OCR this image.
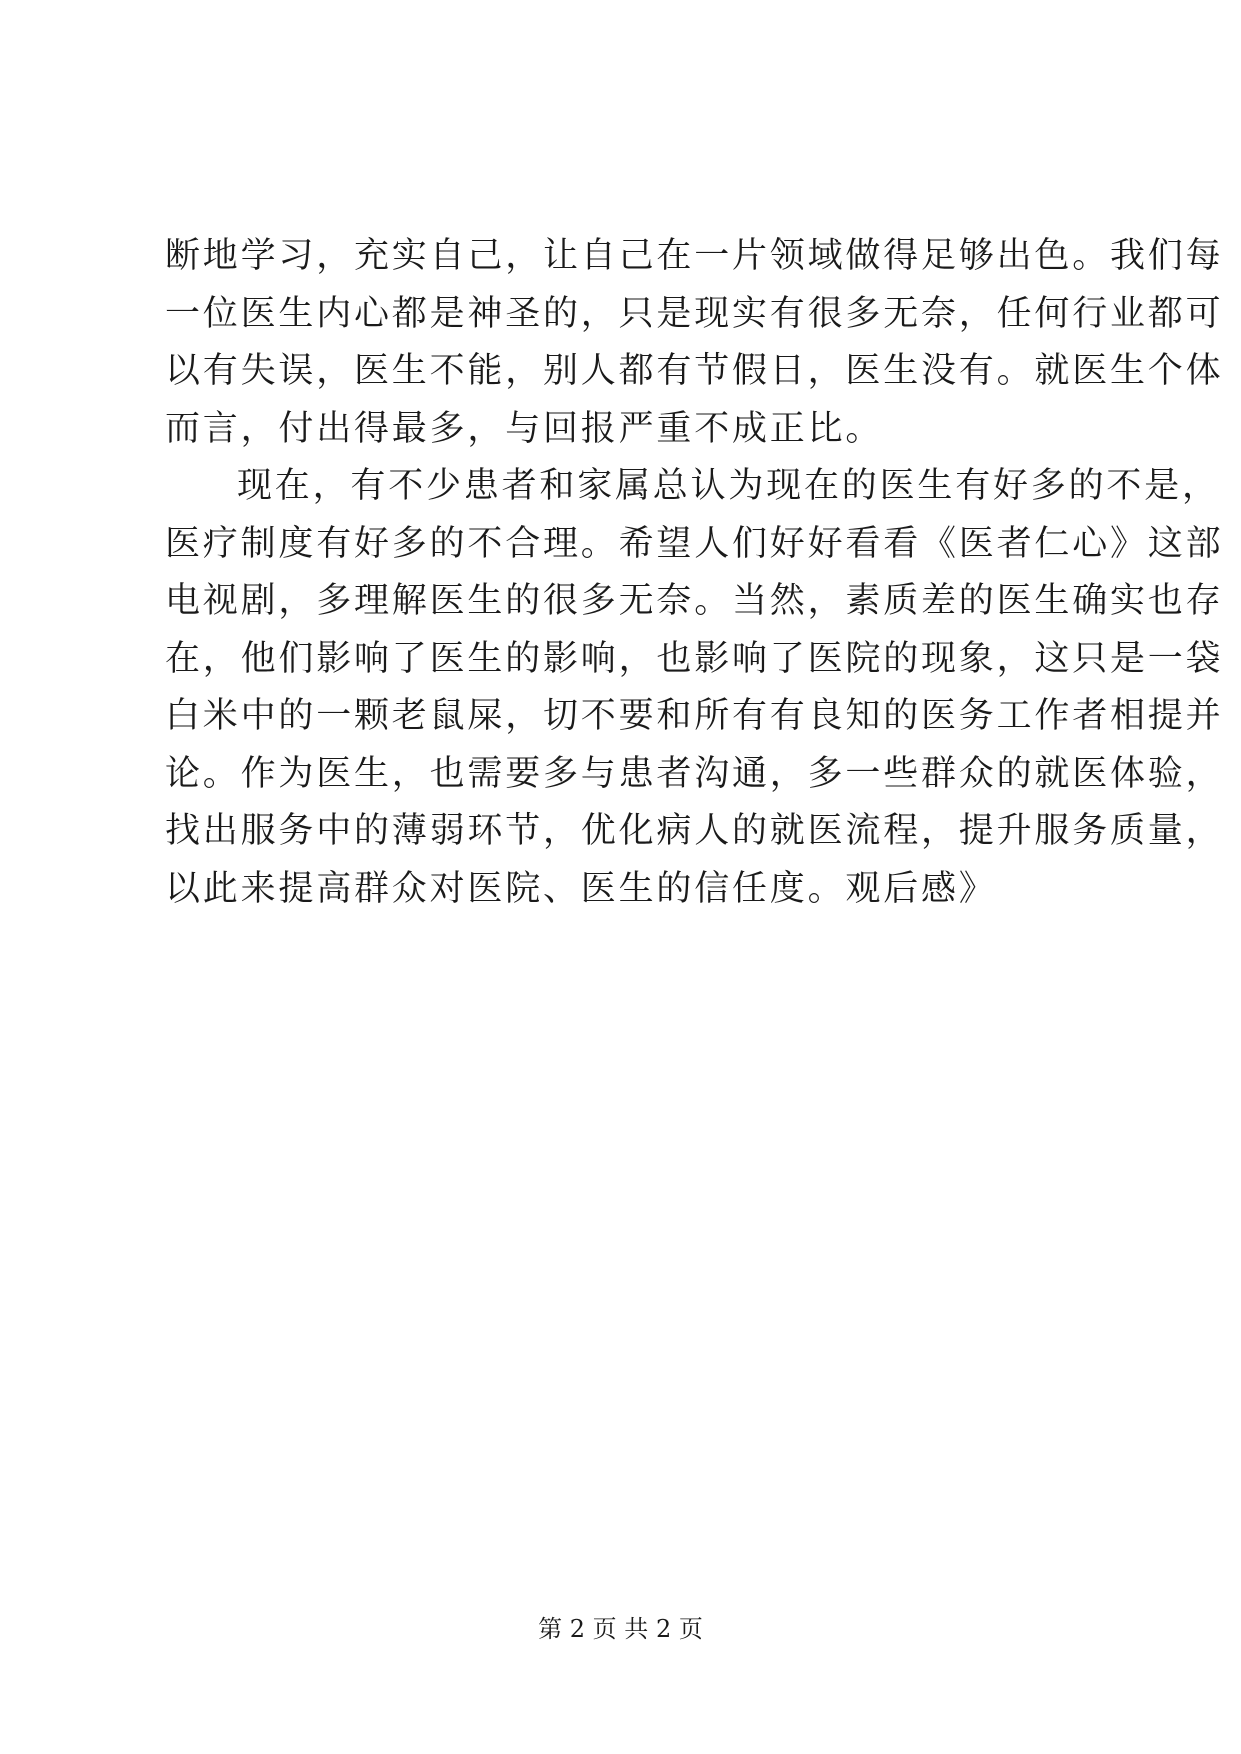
断地学习，充实自己，让自己在一片领域做得足够出色。我们每
一位医生内心都是神圣的，只是现实有很多无奈，任何行业都可
以有失误，医生不能，别人都有节假日，医生没有。就医生个体
而言，付出得最多，与回报严重不成正比。
现在，有不少患者和家属总认为现在的医生有好多的不是，
医疗制度有好多的不合理。希望人们好好看看《医者仁心》这部
电视剧，多理解医生的很多无奈。当然，素质差的医生确实也存
在，他们影响了医生的影响，也影响了医院的现象，这只是一袋
白米中的一颗老鼠屎，切不要和所有有良知的医务工作者相提并
论。作为医生，也需要多与患者沟通，多一些群众的就医体验，
找出服务中的薄弱环节，优化病人的就医流程，提升服务质量，
以此来提高群众对医院、医生的信任度。观后感》
第 2 页 共 2 页
